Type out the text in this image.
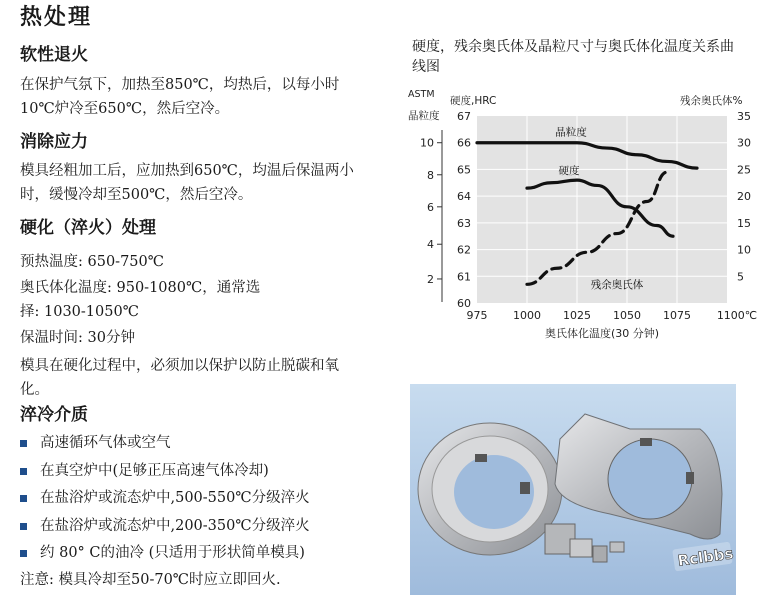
热处理
软性退火
在保护气氛下，加热至850℃，均热后，以每小时10℃炉冷至650℃，然后空冷。
消除应力
模具经粗加工后，应加热到650℃，均温后保温两小时，缓慢冷却至500℃，然后空冷。
硬化（淬火）处理
预热温度: 650-750℃
奥氏体化温度: 950-1080℃，通常选
择: 1030-1050℃
保温时间: 30分钟
模具在硬化过程中，必须加以保护以防止脱碳和氧化。
淬冷介质
高速循环气体或空气
在真空炉中(足够正压高速气体冷却)
在盐浴炉或流态炉中,500-550℃分级淬火
在盐浴炉或流态炉中,200-350℃分级淬火
约 80° C的油冷 (只适用于形状简单模具)
注意: 模具冷却至50-70℃时应立即回火.
硬度，残余奥氏体及晶粒尺寸与奥氏体化温度关系曲线图
975 1000 1025 1050 1075 1100℃
奥氏体化温度(30 分钟)
67
66
65
64
63
62
61
60
10
8
6
4
2
35
30
25
20
15
10
5
ASTM
晶粒度
硬度,HRC	残余奥氏体%
晶粒度
硬度
残余奥氏体
Rclbbs
